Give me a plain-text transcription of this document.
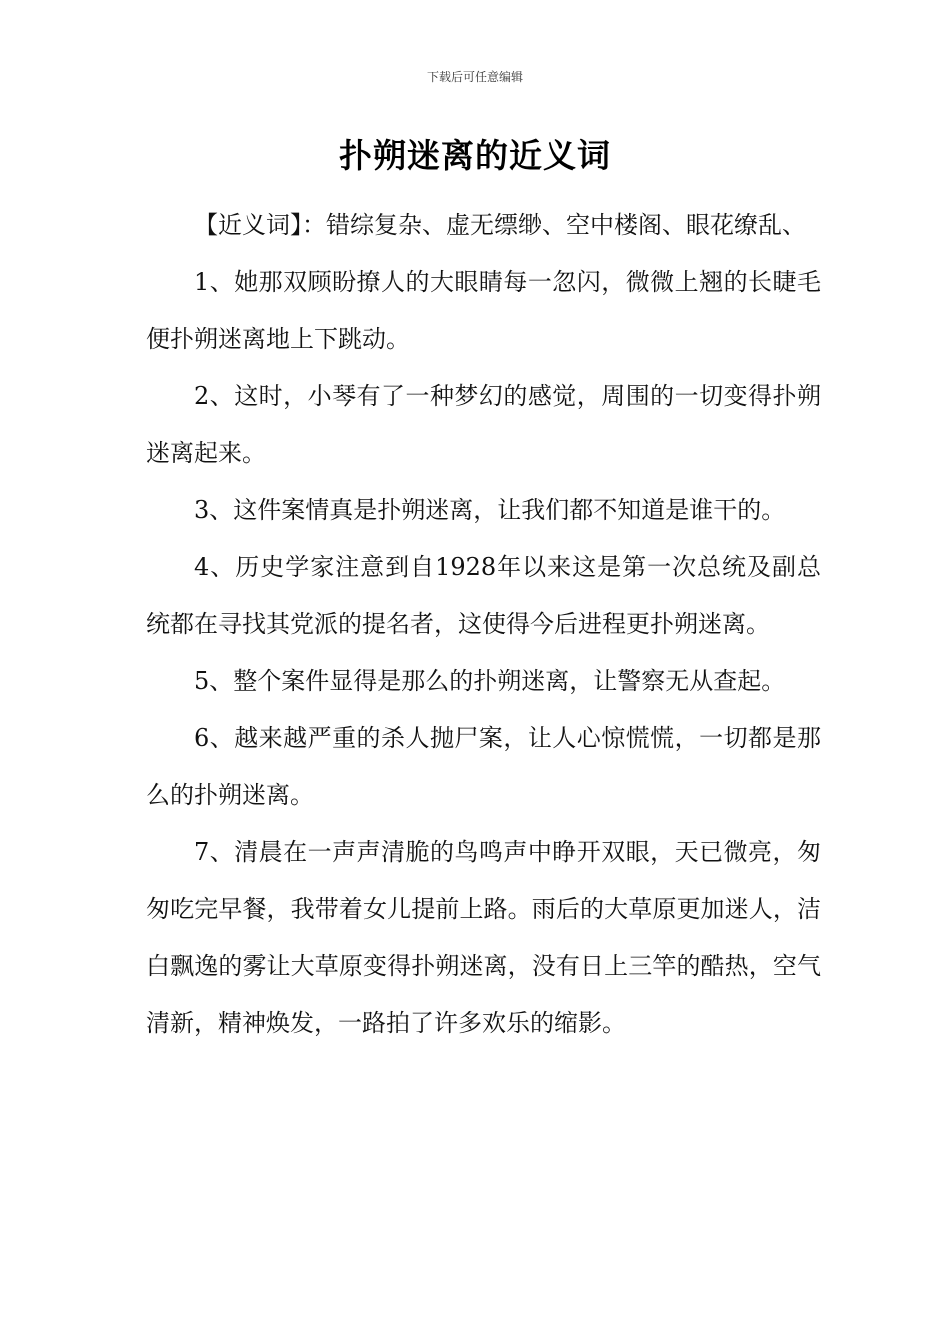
下载后可任意编辑
扑朔迷离的近义词

【近义词】：错综复杂、虚无缥缈、空中楼阁、眼花缭乱、

1、她那双顾盼撩人的大眼睛每一忽闪，微微上翘的长睫毛便扑朔迷离地上下跳动。

2、这时，小琴有了一种梦幻的感觉，周围的一切变得扑朔迷离起来。

3、这件案情真是扑朔迷离，让我们都不知道是谁干的。

4、历史学家注意到自1928年以来这是第一次总统及副总统都在寻找其党派的提名者，这使得今后进程更扑朔迷离。

5、整个案件显得是那么的扑朔迷离，让警察无从查起。

6、越来越严重的杀人抛尸案，让人心惊慌慌，一切都是那么的扑朔迷离。

7、清晨在一声声清脆的鸟鸣声中睁开双眼，天已微亮，匆匆吃完早餐，我带着女儿提前上路。雨后的大草原更加迷人，洁白飘逸的雾让大草原变得扑朔迷离，没有日上三竿的酷热，空气清新，精神焕发，一路拍了许多欢乐的缩影。
